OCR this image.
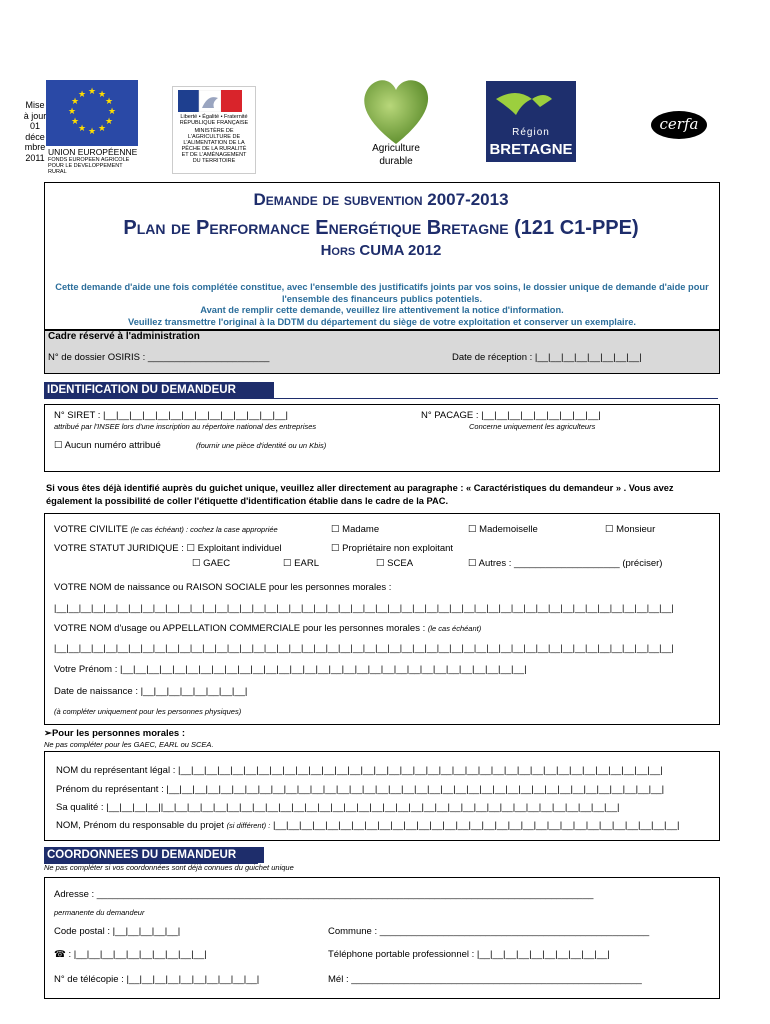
Mise à jour 01 déce mbre 2011
★ ★
★
★
★
★
★
★
★
★
★
★
UNION EUROPÉENNE
FONDS EUROPEEN AGRICOLE POUR LE DEVELOPPEMENT RURAL
Liberté • Égalité • Fraternité RÉPUBLIQUE FRANÇAISE
MINISTÈRE DE L'AGRICULTURE DE L'ALIMENTATION DE LA PÊCHE DE LA RURALITÉ ET DE L'AMÉNAGEMENT DU TERRITOIRE
Agriculture durable
Région
BRETAGNE
cerfa
Demande de subvention 2007-2013
Plan de Performance Energétique Bretagne (121 C1-PPE)
Hors CUMA 2012
Cette demande d'aide une fois complétée constitue, avec l'ensemble des justificatifs joints par vos soins, le dossier unique de demande d'aide pour l'ensemble des financeurs publics potentiels.
Avant de remplir cette demande, veuillez lire attentivement la notice d'information.
Veuillez transmettre l'original à la DDTM du département du siège de votre exploitation et conserver un exemplaire.
Cadre réservé à l'administration
N° de dossier OSIRIS : _______________________	Date de réception : |__|__|__|__|__|__|__|__|
IDENTIFICATION DU DEMANDEUR
N° SIRET : |__|__|__|__|__|__|__|__|__|__|__|__|__|__|
attribué par l'INSEE lors d'une inscription au répertoire national des entreprises
N° PACAGE : |__|__|__|__|__|__|__|__|__|
Concerne uniquement les agriculteurs
☐ Aucun numéro attribué	(fournir une pièce d'identité ou un Kbis)
Si vous êtes déjà identifié auprès du guichet unique, veuillez aller directement au paragraphe : « Caractéristiques du demandeur » . Vous avez également la possibilité de coller l'étiquette d'identification établie dans le cadre de la PAC.
VOTRE CIVILITE (le cas échéant) : cochez la case appropriée	☐ Madame	☐ Mademoiselle	☐ Monsieur
VOTRE STATUT JURIDIQUE : ☐ Exploitant individuel	☐ Propriétaire non exploitant
☐ GAEC	☐ EARL	☐ SCEA	☐ Autres : ____________________ (préciser)
VOTRE NOM de naissance ou RAISON SOCIALE pour les personnes morales :
|__|__|__|__|__|__|__|__|__|__|__|__|__|__|__|__|__|__|__|__|__|__|__|__|__|__|__|__|__|__|__|__|__|__|__|__|__|__|__|__|__|__|__|__|__|__|__|__|__|__|
VOTRE NOM d'usage ou APPELLATION COMMERCIALE pour les personnes morales : (le cas échéant)
|__|__|__|__|__|__|__|__|__|__|__|__|__|__|__|__|__|__|__|__|__|__|__|__|__|__|__|__|__|__|__|__|__|__|__|__|__|__|__|__|__|__|__|__|__|__|__|__|__|__|
Votre Prénom : |__|__|__|__|__|__|__|__|__|__|__|__|__|__|__|__|__|__|__|__|__|__|__|__|__|__|__|__|__|__|__|
Date de naissance : |__|__|__|__|__|__|__|__|
(à compléter uniquement pour les personnes physiques)
➢Pour les personnes morales :
Ne pas compléter pour les GAEC, EARL ou SCEA.
NOM du représentant légal : |__|__|__|__|__|__|__|__|__|__|__|__|__|__|__|__|__|__|__|__|__|__|__|__|__|__|__|__|__|__|__|__|__|__|__|__|__|
Prénom du représentant : |__|__|__|__|__|__|__|__|__|__|__|__|__|__|__|__|__|__|__|__|__|__|__|__|__|__|__|__|__|__|__|__|__|__|__|__|__|__|
Sa qualité : |__|__|__|__||__|__|__|__|__|__|__|__|__|__|__|__|__|__|__|__|__|__|__|__|__|__|__|__|__|__|__|__|__|__|__|__|__|__|__|
NOM, Prénom du responsable du projet (si différent) : |__|__|__|__|__|__|__|__|__|__|__|__|__|__|__|__|__|__|__|__|__|__|__|__|__|__|__|__|__|__|__|
COORDONNEES DU DEMANDEUR
Ne pas compléter si vos coordonnées sont déjà connues du guichet unique
Adresse : ______________________________________________________________________________________________
permanente du demandeur
Code postal : |__|__|__|__|__|	Commune : ___________________________________________________
☎ : |__|__|__|__|__|__|__|__|__|__|	Téléphone portable professionnel : |__|__|__|__|__|__|__|__|__|__|
N° de télécopie : |__|__|__|__|__|__|__|__|__|__|	Mél : _______________________________________________________
